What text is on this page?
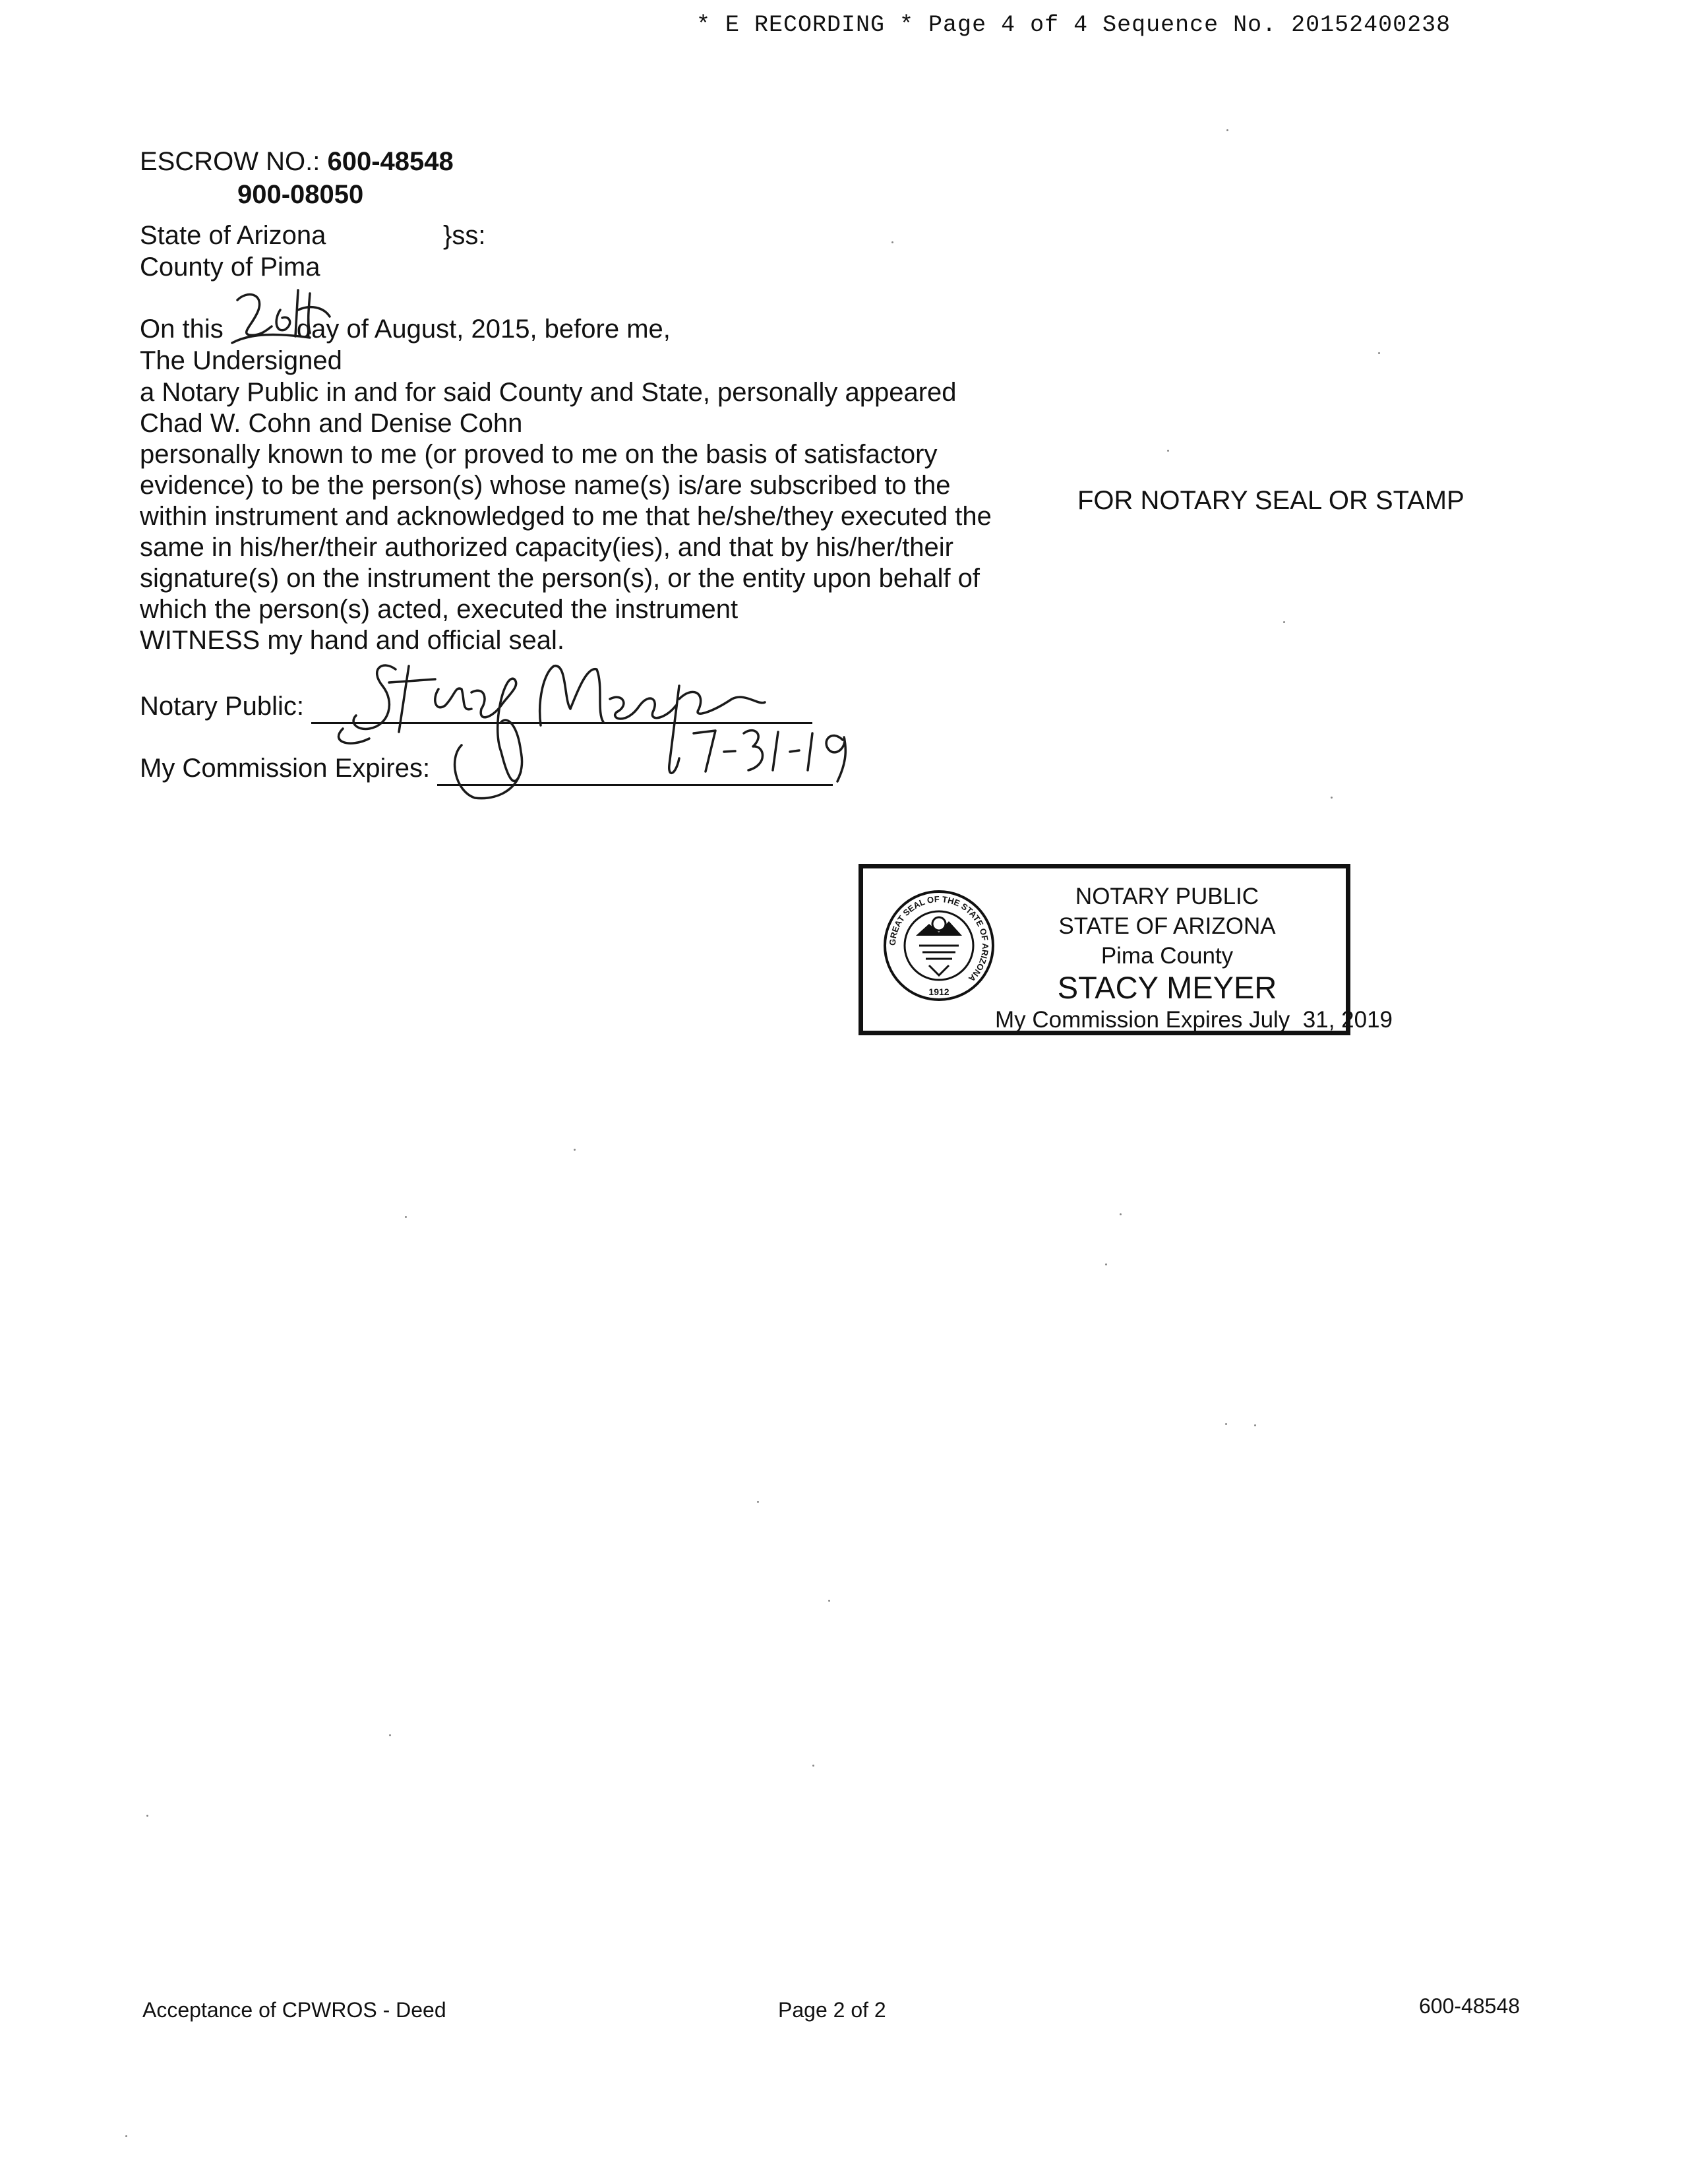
* E RECORDING * Page 4 of 4 Sequence No. 20152400238
ESCROW NO.: 600-48548
900-08050
State of Arizona	}ss:
County of Pima
On this	day of August, 2015, before me,
The Undersigned
a Notary Public in and for said County and State, personally appeared
Chad W. Cohn and Denise Cohn
personally known to me (or proved to me on the basis of satisfactory
evidence) to be the person(s) whose name(s) is/are subscribed to the
within instrument and acknowledged to me that he/she/they executed the
same in his/her/their authorized capacity(ies), and that by his/her/their
signature(s) on the instrument the person(s), or the entity upon behalf of
which the person(s) acted, executed the instrument
WITNESS my hand and official seal.
FOR NOTARY SEAL OR STAMP
Notary Public:
My Commission Expires:
GREAT SEAL OF THE STATE OF ARIZONA
1912
NOTARY PUBLIC
STATE OF ARIZONA
Pima County
STACY MEYER
My Commission Expires July  31, 2019
Acceptance of CPWROS - Deed	Page 2 of 2	600-48548
